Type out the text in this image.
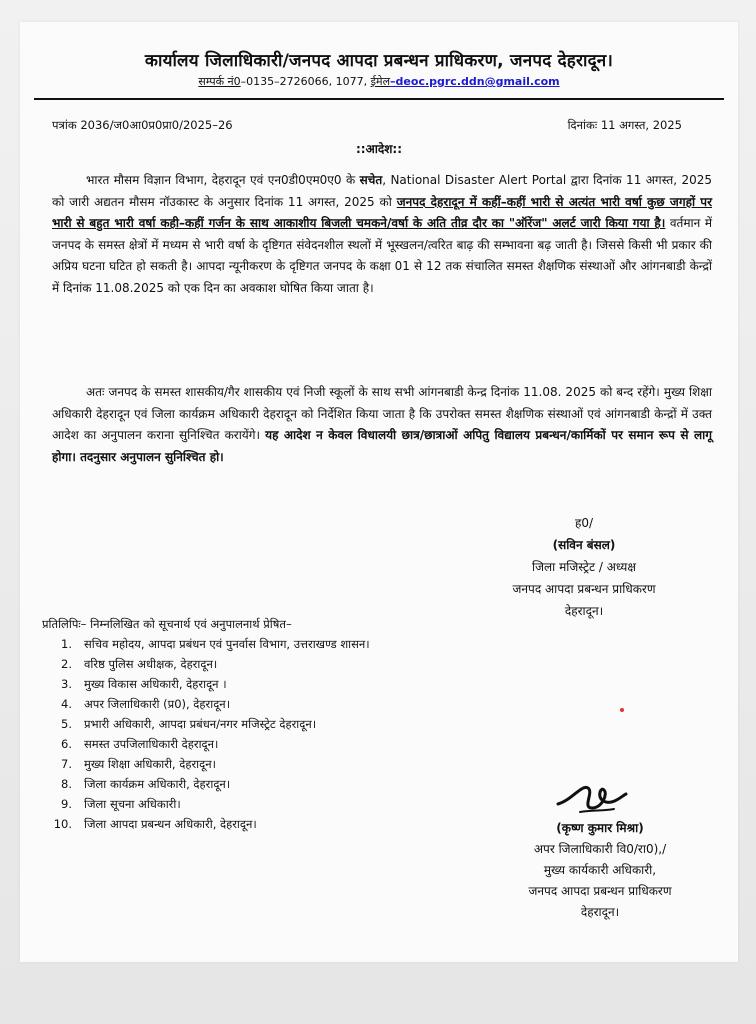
कार्यालय जिलाधिकारी/जनपद आपदा प्रबन्धन प्राधिकरण, जनपद देहरादून।
सम्पर्क नं0–0135–2726066, 1077, ईमेल–deoc.pgrc.ddn@gmail.com
पत्रांक 2036/ज0आ0प्र0प्रा0/2025–26	दिनांकः 11 अगस्त, 2025
::आदेश::
भारत मौसम विज्ञान विभाग, देहरादून एवं एन0डी0एम0ए0 के सचेत, National Disaster Alert Portal द्वारा दिनांक 11 अगस्त, 2025 को जारी अद्यतन मौसम नॉउकास्ट के अनुसार दिनांक 11 अगस्त, 2025 को जनपद देहरादून में कहीं–कहीं भारी से अत्यंत भारी वर्षा कुछ जगहों पर भारी से बहुत भारी वर्षा कही–कहीं गर्जन के साथ आकाशीय बिजली चमकने/वर्षा के अति तीव्र दौर का "ऑरेंज" अलर्ट जारी किया गया है। वर्तमान में जनपद के समस्त क्षेत्रों में मध्यम से भारी वर्षा के दृष्टिगत संवेदनशील स्थलों में भूस्खलन/त्वरित बाढ़ की सम्भावना बढ़ जाती है। जिससे किसी भी प्रकार की अप्रिय घटना घटित हो सकती है। आपदा न्यूनीकरण के दृष्टिगत जनपद के कक्षा 01 से 12 तक संचालित समस्त शैक्षणिक संस्थाओं और आंगनबाडी केन्द्रों में दिनांक 11.08.2025 को एक दिन का अवकाश घोषित किया जाता है।
अतः जनपद के समस्त शासकीय/गैर शासकीय एवं निजी स्कूलों के साथ सभी आंगनबाडी केन्द्र दिनांक 11.08. 2025 को बन्द रहेंगे। मुख्य शिक्षा अधिकारी देहरादून एवं जिला कार्यक्रम अधिकारी देहरादून को निर्देशित किया जाता है कि उपरोक्त समस्त शैक्षणिक संस्थाओं एवं आंगनबाडी केन्द्रों में उक्त आदेश का अनुपालन कराना सुनिश्चित करायेंगे। यह आदेश न केवल विधालयी छात्र/छात्राओं अपितु विद्यालय प्रबन्धन/कार्मिकों पर समान रूप से लागू होगा। तदनुसार अनुपालन सुनिश्चित हो।
ह0/
(सविन बंसल)
जिला मजिस्ट्रेट / अध्यक्ष
जनपद आपदा प्रबन्धन प्राधिकरण
देहरादून।
प्रतिलिपिः– निम्नलिखित को सूचनार्थ एवं अनुपालनार्थ प्रेषित–
1.	सचिव महोदय, आपदा प्रबंधन एवं पुनर्वास विभाग, उत्तराखण्ड शासन।
2.	वरिष्ठ पुलिस अधीक्षक, देहरादून।
3.	मुख्य विकास अधिकारी, देहरादून ।
4.	अपर जिलाधिकारी (प्र0), देहरादून।
5.	प्रभारी अधिकारी, आपदा प्रबंधन/नगर मजिस्ट्रेट देहरादून।
6.	समस्त उपजिलाधिकारी देहरादून।
7.	मुख्य शिक्षा अधिकारी, देहरादून।
8.	जिला कार्यक्रम अधिकारी, देहरादून।
9.	जिला सूचना अधिकारी।
10.	जिला आपदा प्रबन्धन अधिकारी, देहरादून।	(कृष्ण कुमार मिश्रा)
अपर जिलाधिकारी वि0/रा0),/
मुख्य कार्यकारी अधिकारी,
जनपद आपदा प्रबन्धन प्राधिकरण
देहरादून।
